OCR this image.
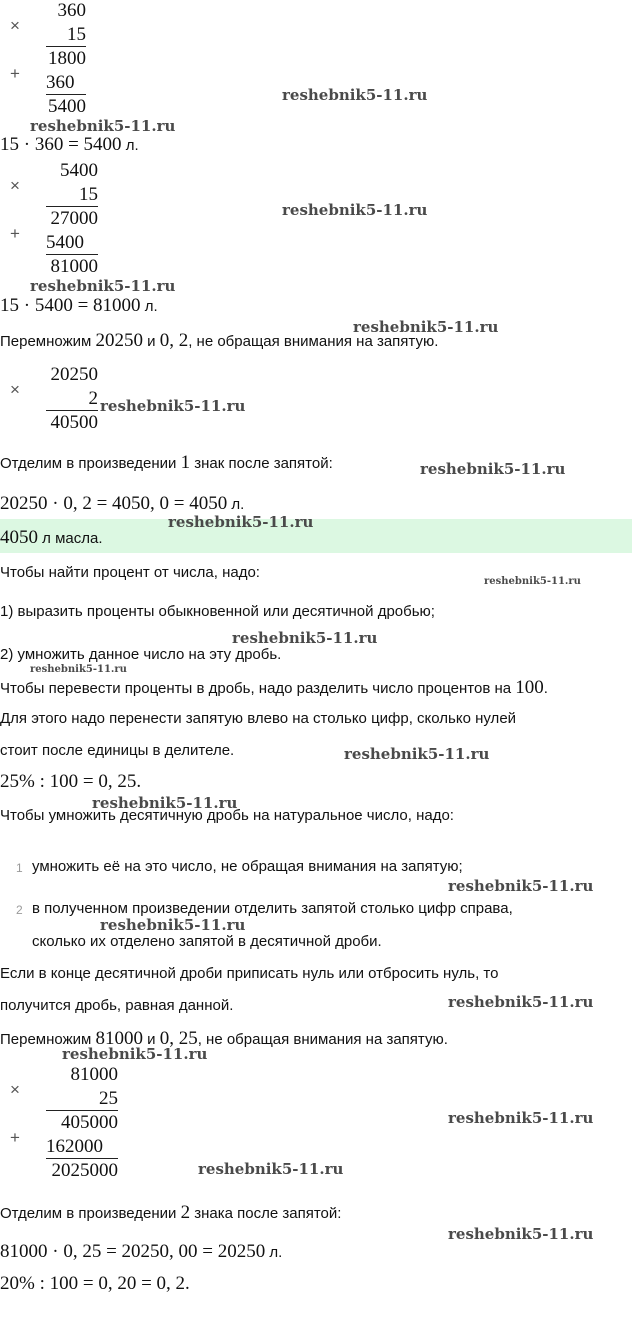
×
360
15
+
1800
360
5400
15 · 360 = 5400 л.
×
5400
15
+
27000
5400
81000
15 · 5400 = 81000 л.
Перемножим 20250 и 0, 2, не обращая внимания на запятую.
×
20250
2
40500
Отделим в произведении 1 знак после запятой:
20250 · 0, 2 = 4050, 0 = 4050 л.
4050 л масла.
Чтобы найти процент от числа, надо:
1) выразить проценты обыкновенной или десятичной дробью;
2) умножить данное число на эту дробь.
Чтобы перевести проценты в дробь, надо разделить число процентов на 100.
Для этого надо перенести запятую влево на столько цифр, сколько нулей
стоит после единицы в делителе.
25% : 100 = 0, 25.
Чтобы умножить десятичную дробь на натуральное число, надо:
1 умножить её на это число, не обращая внимания на запятую;
2 в полученном произведении отделить запятой столько цифр справа,
сколько их отделено запятой в десятичной дроби.
Если в конце десятичной дроби приписать нуль или отбросить нуль, то
получится дробь, равная данной.
Перемножим 81000 и 0, 25, не обращая внимания на запятую.
×
81000
25
+
405000
162000
2025000
Отделим в произведении 2 знака после запятой:
81000 · 0, 25 = 20250, 00 = 20250 л.
20% : 100 = 0, 20 = 0, 2.
reshebnik5-11.ru
reshebnik5-11.ru
reshebnik5-11.ru
reshebnik5-11.ru
reshebnik5-11.ru
reshebnik5-11.ru
reshebnik5-11.ru
reshebnik5-11.ru
reshebnik5-11.ru
reshebnik5-11.ru
reshebnik5-11.ru
reshebnik5-11.ru
reshebnik5-11.ru
reshebnik5-11.ru
reshebnik5-11.ru
reshebnik5-11.ru
reshebnik5-11.ru
reshebnik5-11.ru
reshebnik5-11.ru
reshebnik5-11.ru
